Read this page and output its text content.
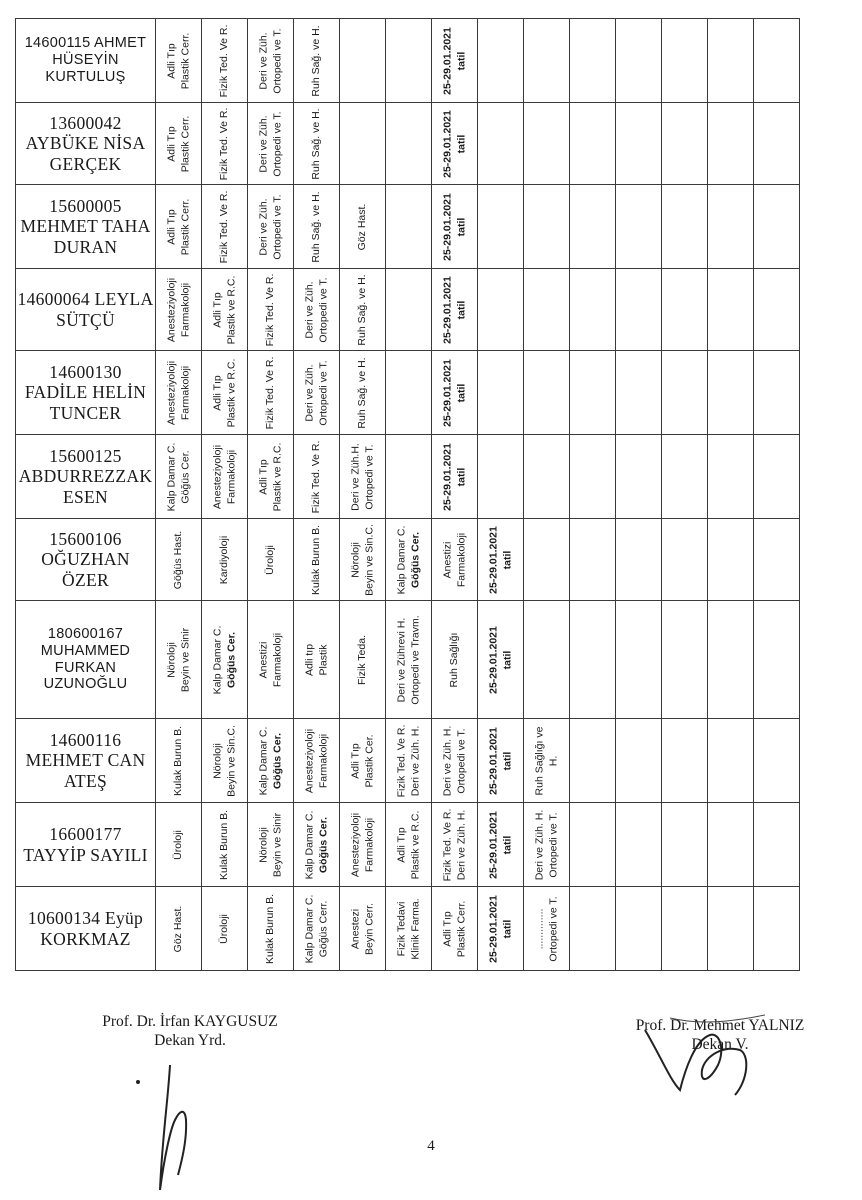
14600115 AHMET HÜSEYİN KURTULUŞ	Adli Tıp Plastik Cerr.	Fizik Ted. Ve R.	Deri ve Züh. Ortopedi ve T.	Ruh Sağ. ve H.			25-29.01.2021 tatil							

13600042 AYBÜKE NİSA GERÇEK	Adli Tıp Plastik Cerr.	Fizik Ted. Ve R.	Deri ve Züh. Ortopedi ve T.	Ruh Sağ. ve H.			25-29.01.2021 tatil							

15600005 MEHMET TAHA DURAN	Adli Tıp Plastik Cerr.	Fizik Ted. Ve R.	Deri ve Züh. Ortopedi ve T.	Ruh Sağ. ve H.	Göz Hast.		25-29.01.2021 tatil							

14600064 LEYLA SÜTÇÜ	Anesteziyoloji Farmakoloji	Adli Tıp Plastik ve R.C.	Fizik Ted. Ve R.	Deri ve Züh. Ortopedi ve T.	Ruh Sağ. ve H.		25-29.01.2021 tatil							

14600130 FADİLE HELİN TUNCER	Anesteziyoloji Farmakoloji	Adli Tıp Plastik ve R.C.	Fizik Ted. Ve R.	Deri ve Züh. Ortopedi ve T.	Ruh Sağ. ve H.		25-29.01.2021 tatil							

15600125 ABDURREZZAK ESEN	Kalp Damar C. Göğüs Cer.	Anesteziyoloji Farmakoloji	Adli Tıp Plastik ve R.C.	Fizik Ted. Ve R.	Deri ve Züh.H. Ortopedi ve T.		25-29.01.2021 tatil							

15600106 OĞUZHAN ÖZER	Göğüs Hast.	Kardiyoloji	Üroloji	Kulak Burun B.	Nöroloji Beyin ve Sin.C.	Kalp Damar C. Göğüs Cer.	Anestizi Farmakoloji	25-29.01.2021 tatil						

180600167 MUHAMMED FURKAN UZUNOĞLU	Nöroloji Beyin ve Sinir	Kalp Damar C. Göğüs Cer.	Anestizi Farmakoloji	Adli tıp Plastik	Fizik Teda.	Deri ve Zührevi H. Ortopedi ve Travm.	Ruh Sağlığı	25-29.01.2021 tatil						

14600116 MEHMET CAN ATEŞ	Kulak Burun B.	Nöroloji Beyin ve Sin.C.	Kalp Damar C. Göğüs Cer.	Anesteziyoloji Farmakoloji	Adli Tıp Plastik Cer.	Fizik Ted. Ve R. Deri ve Züh. H.	Deri ve Züh. H. Ortopedi ve T.	25-29.01.2021 tatil	Ruh Sağlığı ve H.					

16600177 TAYYİP SAYILI	Üroloji	Kulak Burun B.	Nöroloji Beyin ve Sinir	Kalp Damar C. Göğüs Cer.	Anesteziyoloji Farmakoloji	Adli Tıp Plastik ve R.C.	Fizik Ted. Ve R. Deri ve Züh. H.	25-29.01.2021 tatil	Deri ve Züh. H. Ortopedi ve T.					

10600134 Eyüp KORKMAZ	Göz Hast.	Üroloji	Kulak Burun B.	Kalp Damar C. Göğüs Cerr.	Anestezi Beyin Cerr.	Fizik Tedavi Klinik Farma.	Adli Tıp Plastik Cerr.	25-29.01.2021 tatil	.............. Ortopedi ve T.					

Prof. Dr. İrfan KAYGUSUZ
Dekan Yrd.
Prof. Dr. Mehmet YALNIZ
Dekan V.
4
